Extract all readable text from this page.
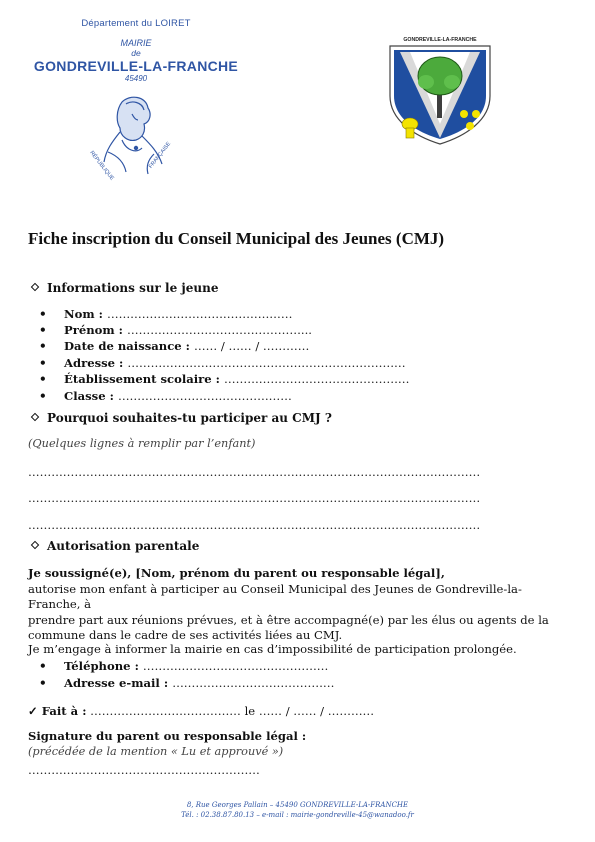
Département du LOIRET
MAIRIE
de
GONDREVILLE-LA-FRANCHE
45490
RÉPUBLIQUE	FRANÇAISE
GONDREVILLE-LA-FRANCHE
Fiche inscription du Conseil Municipal des Jeunes (CMJ)
Informations sur le jeune
• Nom : …………………………………………
• Prénom : ………………………………………...
• Date de naissance : …… / …… / …………
• Adresse : ………………………………………………………………
• Établissement scolaire : …………………………………………
• Classe : ………………………………………
Pourquoi souhaites-tu participer au CMJ ?
(Quelques lignes à remplir par l’enfant)
………………………………………………………………………………………………………
………………………………………………………………………………………………………
………………………………………………………………………………………………………
Autorisation parentale
Je soussigné(e), [Nom, prénom du parent ou responsable légal],
autorise mon enfant à participer au Conseil Municipal des Jeunes de Gondreville-la-Franche, à
prendre part aux réunions prévues, et à être accompagné(e) par les élus ou agents de la
commune dans le cadre de ses activités liées au CMJ.
Je m’engage à informer la mairie en cas d’impossibilité de participation prolongée.
• Téléphone : …………………………………………
• Adresse e-mail : ……………………………………
✓ Fait à : ………………………………… le …… / …… / …………
Signature du parent ou responsable légal :
(précédée de la mention « Lu et approuvé »)
……………………………………………………
8, Rue Georges Pallain – 45490 GONDREVILLE-LA-FRANCHE
Tél. : 02.38.87.80.13 – e-mail : mairie-gondreville-45@wanadoo.fr
